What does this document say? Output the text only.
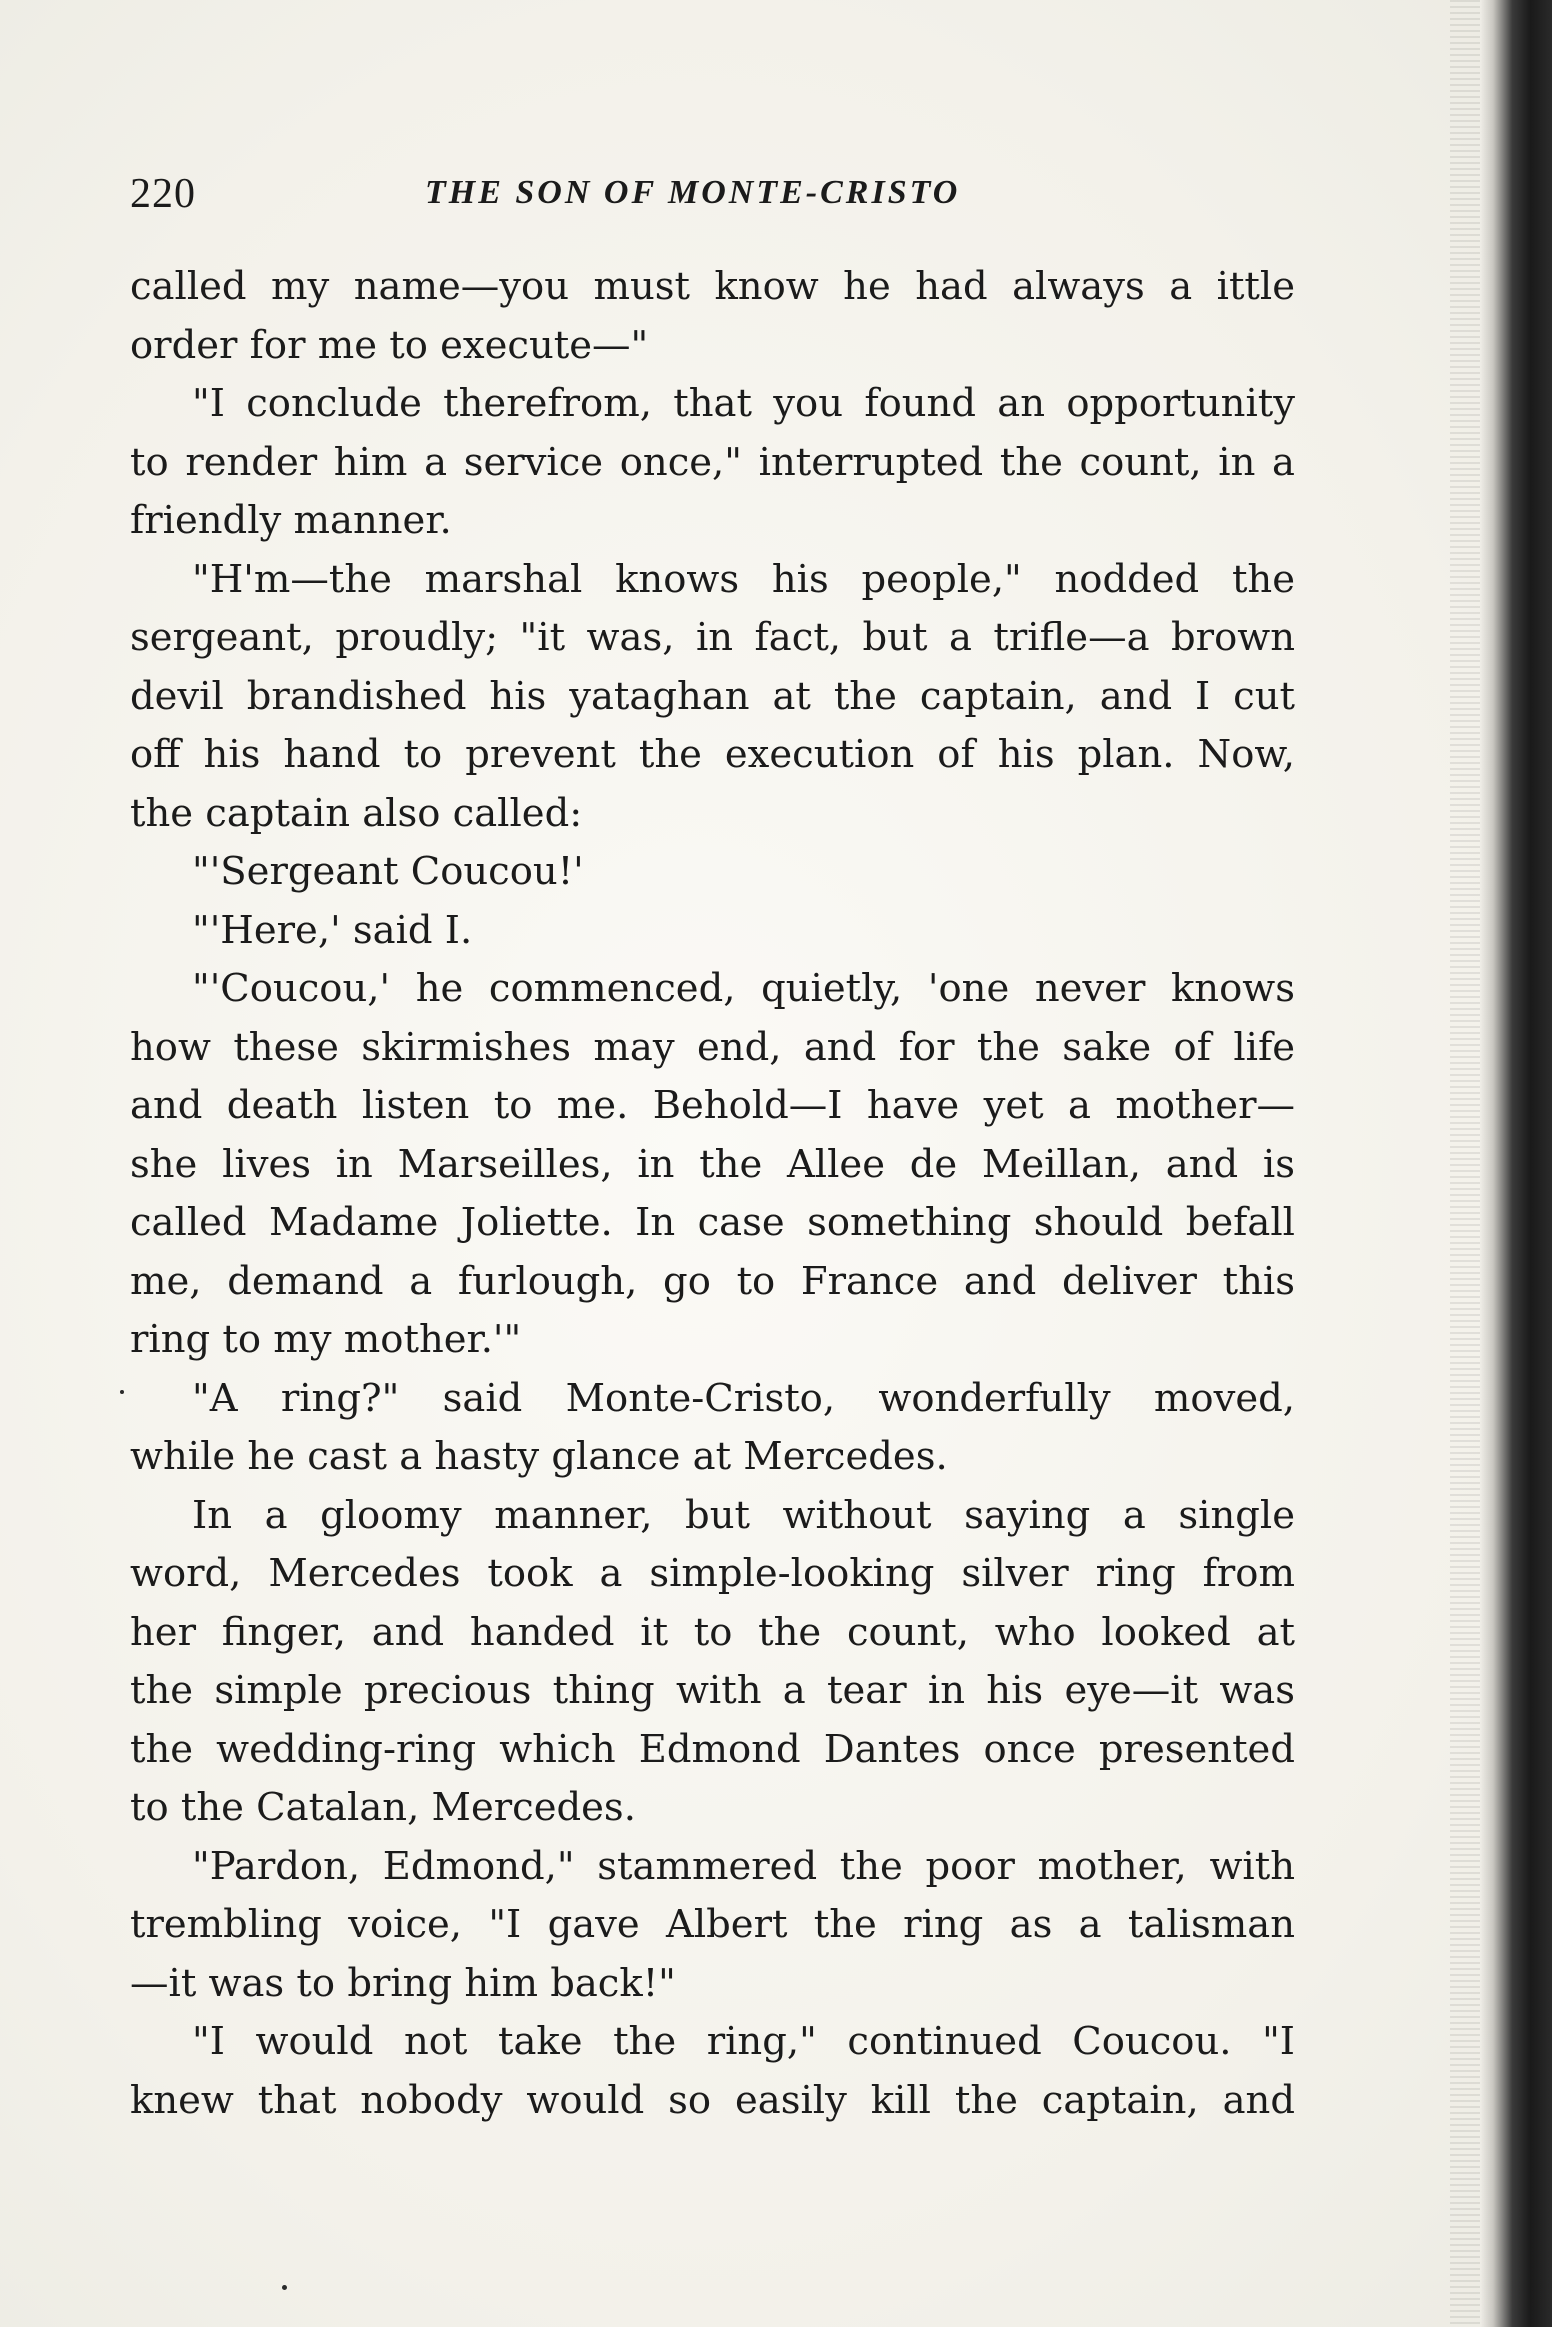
220	THE SON OF MONTE-CRISTO
called my name—you must know he had always a ittle
order for me to execute—"
"I conclude therefrom, that you found an opportunity
to render him a service once," interrupted the count, in a
friendly manner.
"H'm—the marshal knows his people," nodded the
sergeant, proudly; "it was, in fact, but a trifle—a brown
devil brandished his yataghan at the captain, and I cut
off his hand to prevent the execution of his plan. Now,
the captain also called:
"'Sergeant Coucou!'
"'Here,' said I.
"'Coucou,' he commenced, quietly, 'one never knows
how these skirmishes may end, and for the sake of life
and death listen to me. Behold—I have yet a mother—
she lives in Marseilles, in the Allee de Meillan, and is
called Madame Joliette. In case something should befall
me, demand a furlough, go to France and deliver this
ring to my mother.'"
"A ring?" said Monte-Cristo, wonderfully moved,
while he cast a hasty glance at Mercedes.
In a gloomy manner, but without saying a single
word, Mercedes took a simple-looking silver ring from
her finger, and handed it to the count, who looked at
the simple precious thing with a tear in his eye—it was
the wedding-ring which Edmond Dantes once presented
to the Catalan, Mercedes.
"Pardon, Edmond," stammered the poor mother, with
trembling voice, "I gave Albert the ring as a talisman
—it was to bring him back!"
"I would not take the ring," continued Coucou. "I
knew that nobody would so easily kill the captain, and
